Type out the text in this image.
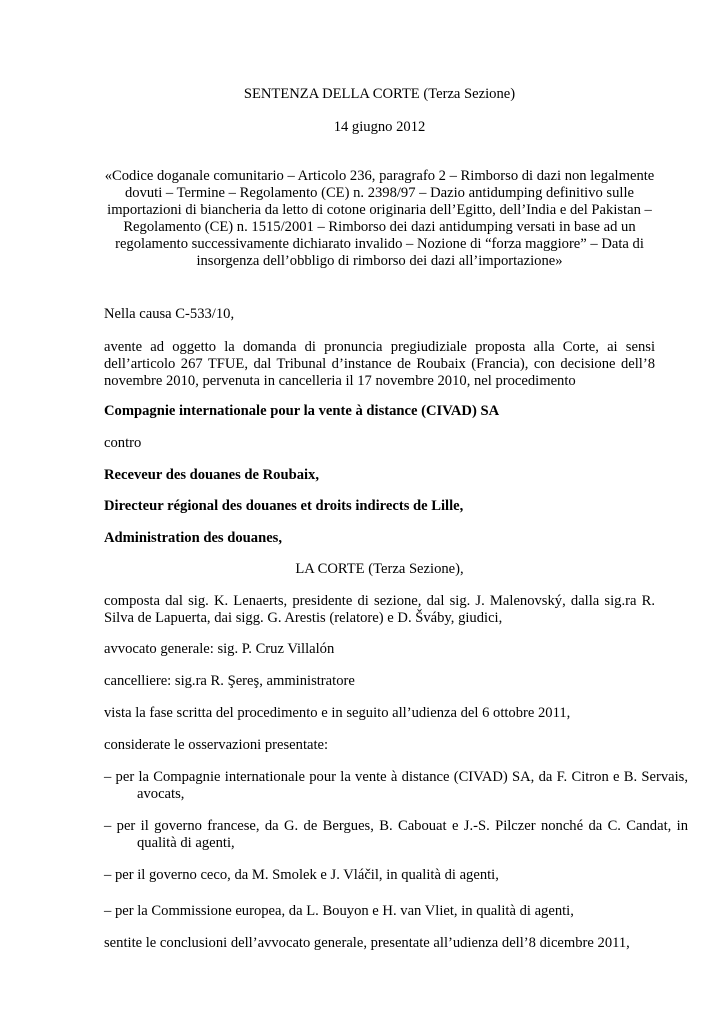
SENTENZA DELLA CORTE (Terza Sezione)

14 giugno 2012

«Codice doganale comunitario – Articolo 236, paragrafo 2 – Rimborso di dazi non legalmente dovuti – Termine – Regolamento (CE) n. 2398/97 – Dazio antidumping definitivo sulle importazioni di biancheria da letto di cotone originaria dell’Egitto, dell’India e del Pakistan – Regolamento (CE) n. 1515/2001 – Rimborso dei dazi antidumping versati in base ad un regolamento successivamente dichiarato invalido – Nozione di “forza maggiore” – Data di insorgenza dell’obbligo di rimborso dei dazi all’importazione»

Nella causa C‑533/10,

avente ad oggetto la domanda di pronuncia pregiudiziale proposta alla Corte, ai sensi dell’articolo 267 TFUE, dal Tribunal d’instance de Roubaix (Francia), con decisione dell’8 novembre 2010, pervenuta in cancelleria il 17 novembre 2010, nel procedimento

Compagnie internationale pour la vente à distance (CIVAD) SA

contro

Receveur des douanes de Roubaix,

Directeur régional des douanes et droits indirects de Lille,

Administration des douanes,

LA CORTE (Terza Sezione),

composta dal sig. K. Lenaerts, presidente di sezione, dal sig. J. Malenovský, dalla sig.ra R. Silva de Lapuerta, dai sigg. G. Arestis (relatore) e D. Šváby, giudici,

avvocato generale: sig. P. Cruz Villalón

cancelliere: sig.ra R. Şereş, amministratore

vista la fase scritta del procedimento e in seguito all’udienza del 6 ottobre 2011,

considerate le osservazioni presentate:

– per la Compagnie internationale pour la vente à distance (CIVAD) SA, da F. Citron e B. Servais, avocats,

– per il governo francese, da G. de Bergues, B. Cabouat e J.-S. Pilczer nonché da C. Candat, in qualità di agenti,

– per il governo ceco, da M. Smolek e J. Vláčil, in qualità di agenti,

– per la Commissione europea, da L. Bouyon e H. van Vliet, in qualità di agenti,

sentite le conclusioni dell’avvocato generale, presentate all’udienza dell’8 dicembre 2011,
